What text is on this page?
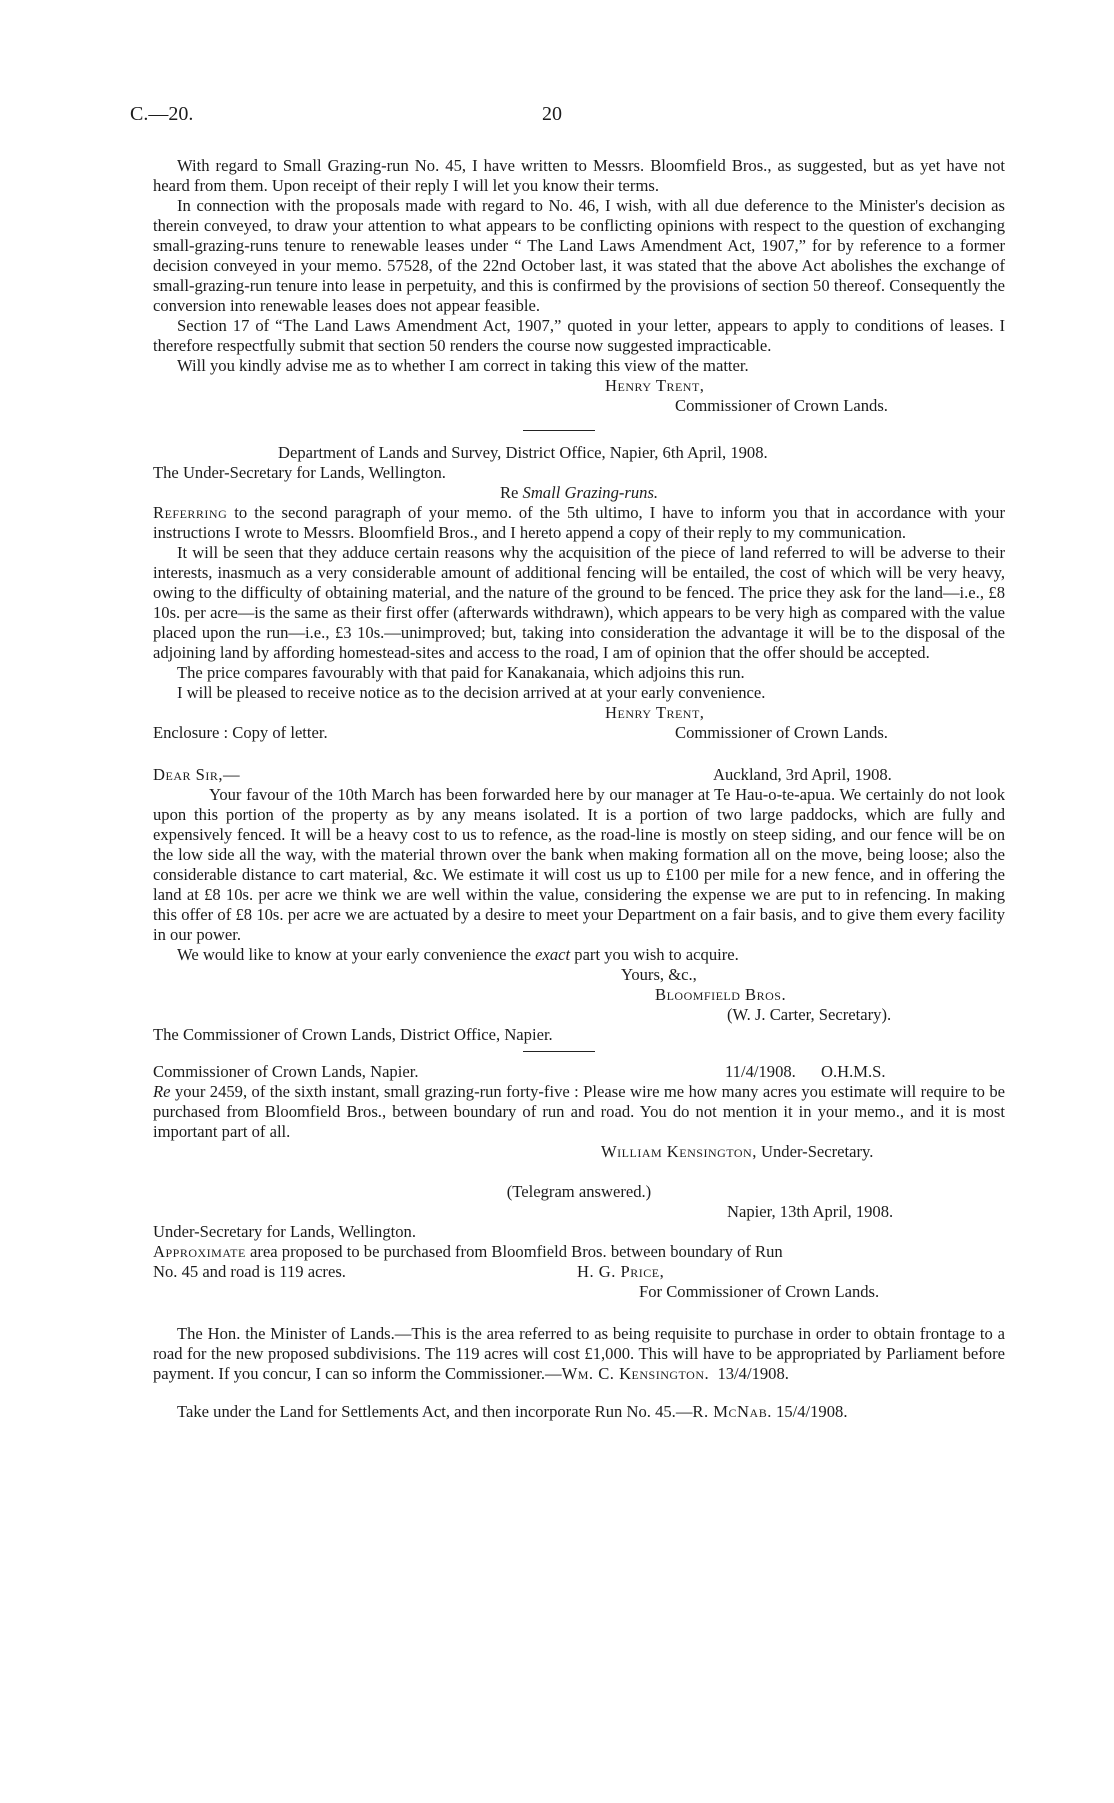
C.—20.	20

With regard to Small Grazing-run No. 45, I have written to Messrs. Bloomfield Bros., as suggested, but as yet have not heard from them. Upon receipt of their reply I will let you know their terms.

In connection with the proposals made with regard to No. 46, I wish, with all due deference to the Minister's decision as therein conveyed, to draw your attention to what appears to be conflicting opinions with respect to the question of exchanging small-grazing-runs tenure to renewable leases under “ The Land Laws Amendment Act, 1907,” for by reference to a former decision conveyed in your memo. 57528, of the 22nd October last, it was stated that the above Act abolishes the exchange of small-grazing-run tenure into lease in perpetuity, and this is confirmed by the provisions of section 50 thereof. Consequently the conversion into renewable leases does not appear feasible.

Section 17 of “The Land Laws Amendment Act, 1907,” quoted in your letter, appears to apply to conditions of leases. I therefore respectfully submit that section 50 renders the course now suggested impracticable.

Will you kindly advise me as to whether I am correct in taking this view of the matter.

Henry Trent,

Commissioner of Crown Lands.

Department of Lands and Survey, District Office, Napier, 6th April, 1908.

The Under-Secretary for Lands, Wellington.

Re Small Grazing-runs.

Referring to the second paragraph of your memo. of the 5th ultimo, I have to inform you that in accordance with your instructions I wrote to Messrs. Bloomfield Bros., and I hereto append a copy of their reply to my communication.

It will be seen that they adduce certain reasons why the acquisition of the piece of land referred to will be adverse to their interests, inasmuch as a very considerable amount of additional fencing will be entailed, the cost of which will be very heavy, owing to the difficulty of obtaining material, and the nature of the ground to be fenced. The price they ask for the land—i.e., £8 10s. per acre—is the same as their first offer (afterwards withdrawn), which appears to be very high as compared with the value placed upon the run—i.e., £3 10s.—unimproved; but, taking into consideration the advantage it will be to the disposal of the adjoining land by affording homestead-sites and access to the road, I am of opinion that the offer should be accepted.

The price compares favourably with that paid for Kanakanaia, which adjoins this run.

I will be pleased to receive notice as to the decision arrived at at your early convenience.

Henry Trent,

Enclosure : Copy of letter.	Commissioner of Crown Lands.
Dear Sir,—	Auckland, 3rd April, 1908.

Your favour of the 10th March has been forwarded here by our manager at Te Hau-o-te-apua. We certainly do not look upon this portion of the property as by any means isolated. It is a portion of two large paddocks, which are fully and expensively fenced. It will be a heavy cost to us to refence, as the road-line is mostly on steep siding, and our fence will be on the low side all the way, with the material thrown over the bank when making formation all on the move, being loose; also the considerable distance to cart material, &c. We estimate it will cost us up to £100 per mile for a new fence, and in offering the land at £8 10s. per acre we think we are well within the value, considering the expense we are put to in refencing. In making this offer of £8 10s. per acre we are actuated by a desire to meet your Department on a fair basis, and to give them every facility in our power.

We would like to know at your early convenience the exact part you wish to acquire.

Yours, &c.,

Bloomfield Bros.

(W. J. Carter, Secretary).

The Commissioner of Crown Lands, District Office, Napier.

Commissioner of Crown Lands, Napier.	11/4/1908. O.H.M.S.

Re your 2459, of the sixth instant, small grazing-run forty-five : Please wire me how many acres you estimate will require to be purchased from Bloomfield Bros., between boundary of run and road. You do not mention it in your memo., and it is most important part of all.

William Kensington, Under-Secretary.

(Telegram answered.)

Napier, 13th April, 1908.

Under-Secretary for Lands, Wellington.

Approximate area proposed to be purchased from Bloomfield Bros. between boundary of Run

No. 45 and road is 119 acres.	H. G. Price,

For Commissioner of Crown Lands.

The Hon. the Minister of Lands.—This is the area referred to as being requisite to purchase in order to obtain frontage to a road for the new proposed subdivisions. The 119 acres will cost £1,000. This will have to be appropriated by Parliament before payment. If you concur, I can so inform the Commissioner.—Wm. C. Kensington. 13/4/1908.

Take under the Land for Settlements Act, and then incorporate Run No. 45.—R. McNab. 15/4/1908.
